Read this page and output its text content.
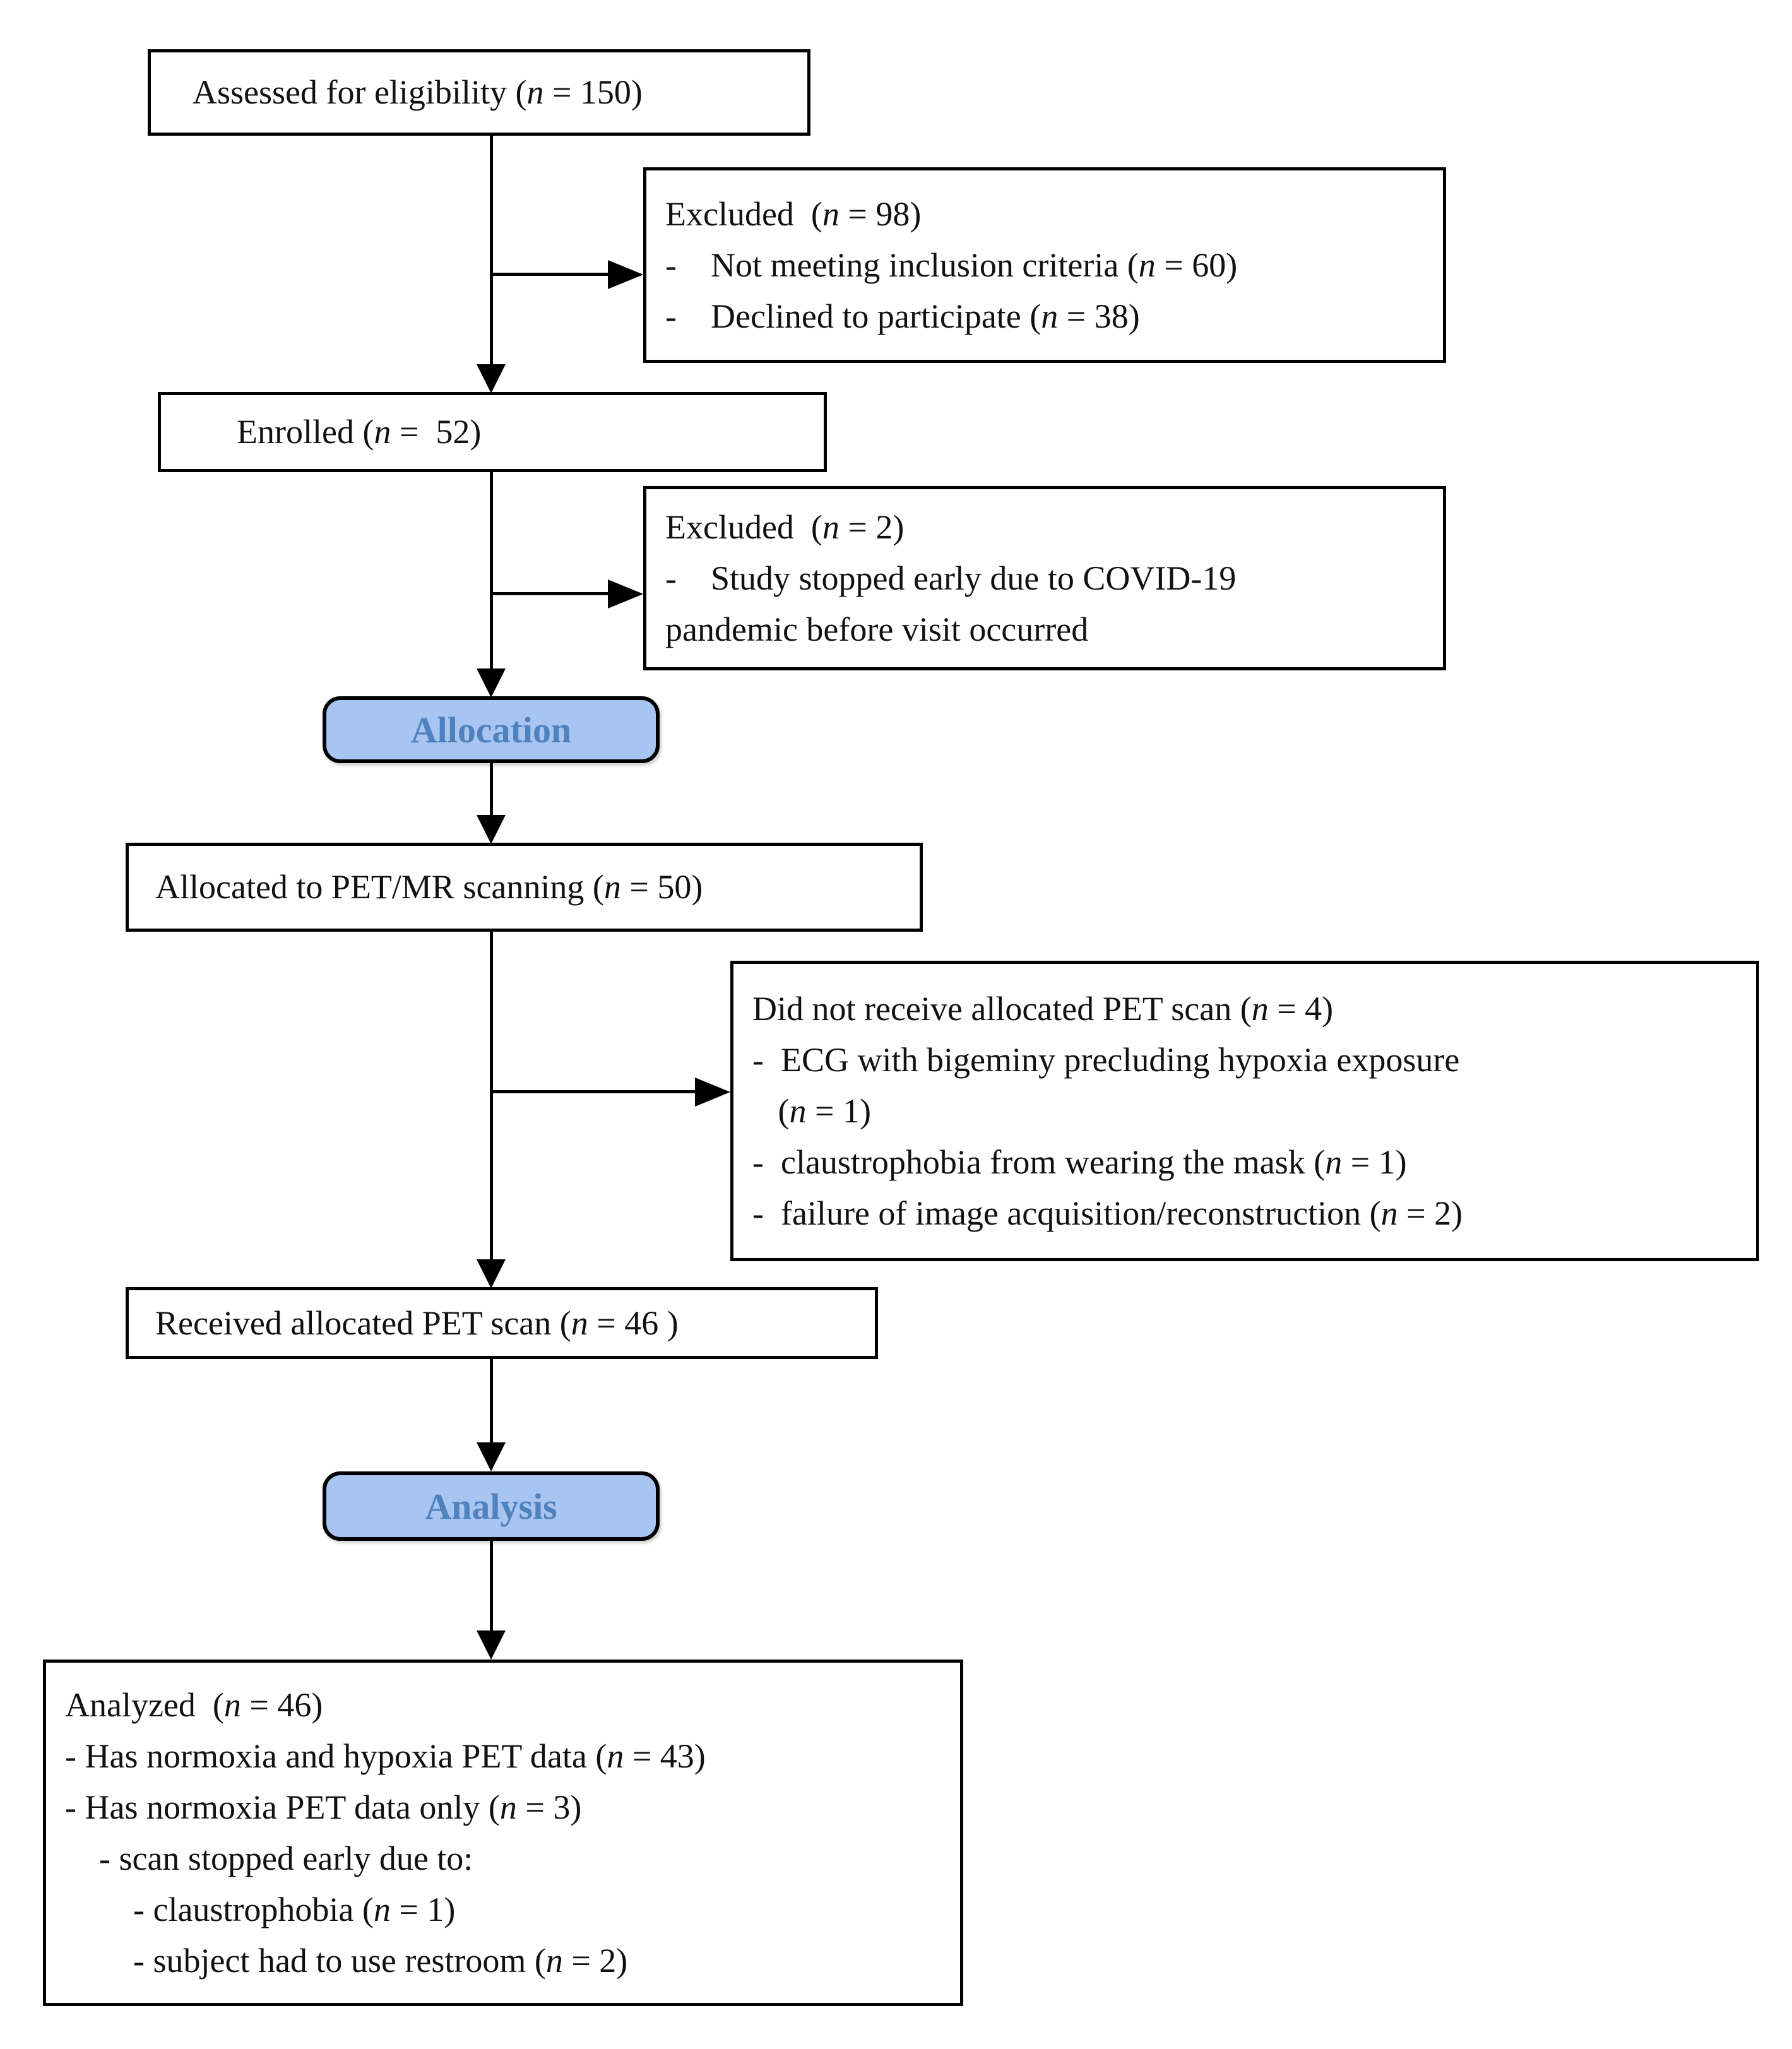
Assessed for eligibility (n = 150)
Excluded  (n = 98)
-    Not meeting inclusion criteria (n = 60)
-    Declined to participate (n = 38)
Enrolled (n =  52)
Excluded  (n = 2)
-    Study stopped early due to COVID-19
pandemic before visit occurred
Allocation
Allocated to PET/MR scanning (n = 50)
Did not receive allocated PET scan (n = 4)
-  ECG with bigeminy precluding hypoxia exposure
(n = 1)
-  claustrophobia from wearing the mask (n = 1)
-  failure of image acquisition/reconstruction (n = 2)
Received allocated PET scan (n = 46 )
Analysis
Analyzed  (n = 46)
- Has normoxia and hypoxia PET data (n = 43)
- Has normoxia PET data only (n = 3)
- scan stopped early due to:
- claustrophobia (n = 1)
- subject had to use restroom (n = 2)
